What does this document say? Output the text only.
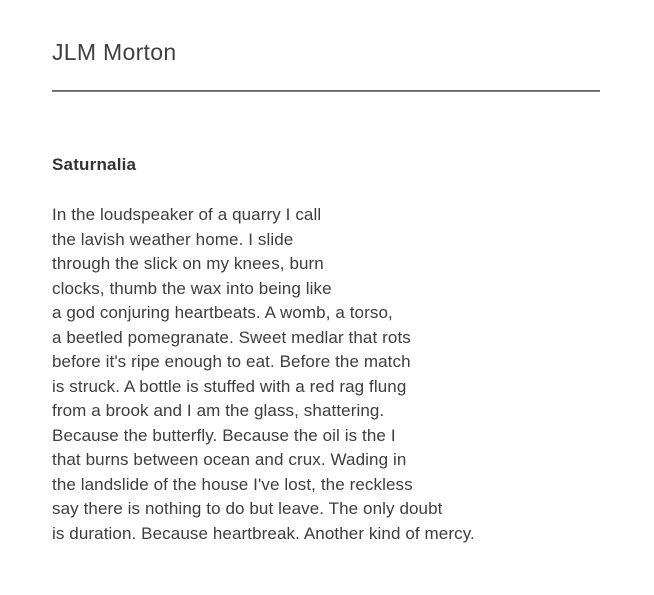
JLM Morton
Saturnalia
In the loudspeaker of a quarry I call
the lavish weather home. I slide
through the slick on my knees, burn
clocks, thumb the wax into being like
a god conjuring heartbeats. A womb, a torso,
a beetled pomegranate. Sweet medlar that rots
before it's ripe enough to eat. Before the match
is struck. A bottle is stuffed with a red rag flung
from a brook and I am the glass, shattering.
Because the butterfly. Because the oil is the I
that burns between ocean and crux. Wading in
the landslide of the house I've lost, the reckless
say there is nothing to do but leave. The only doubt
is duration. Because heartbreak. Another kind of mercy.
